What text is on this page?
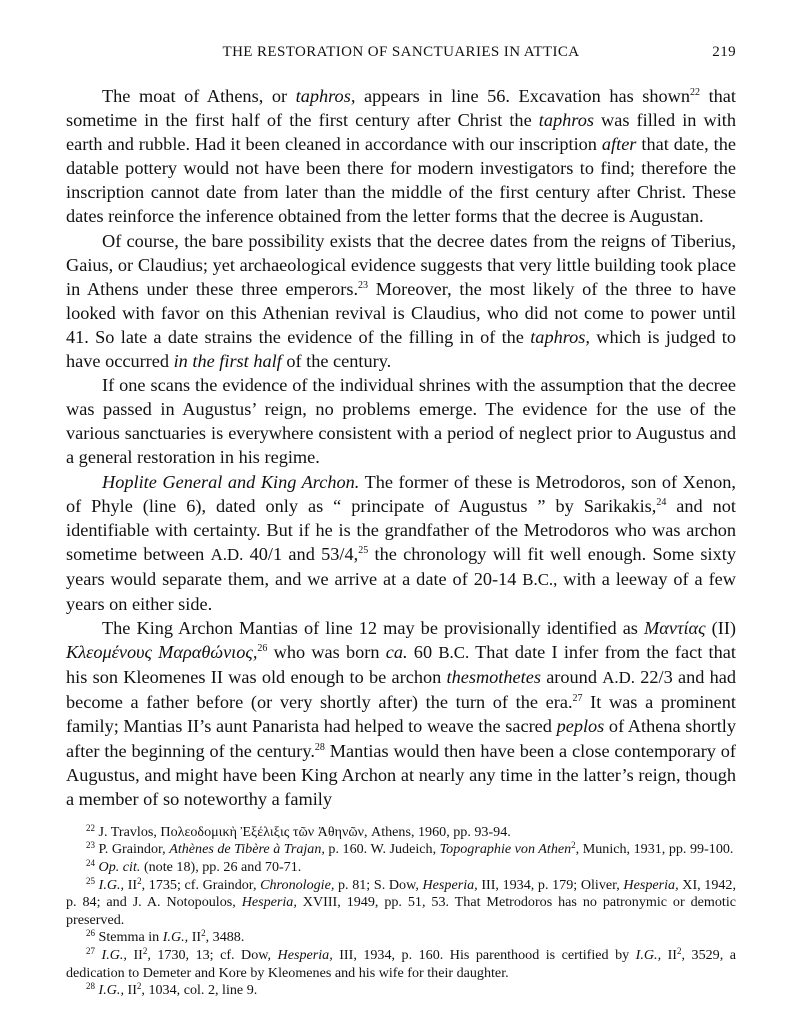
THE RESTORATION OF SANCTUARIES IN ATTICA	219

The moat of Athens, or taphros, appears in line 56. Excavation has shown$^{22}$ that sometime in the first half of the first century after Christ the taphros was filled in with earth and rubble. Had it been cleaned in accordance with our inscription after that date, the datable pottery would not have been there for modern investigators to find; therefore the inscription cannot date from later than the middle of the first century after Christ. These dates reinforce the inference obtained from the letter forms that the decree is Augustan.

Of course, the bare possibility exists that the decree dates from the reigns of Tiberius, Gaius, or Claudius; yet archaeological evidence suggests that very little building took place in Athens under these three emperors.$^{23}$ Moreover, the most likely of the three to have looked with favor on this Athenian revival is Claudius, who did not come to power until 41. So late a date strains the evidence of the filling in of the taphros, which is judged to have occurred in the first half of the century.

If one scans the evidence of the individual shrines with the assumption that the decree was passed in Augustus’ reign, no problems emerge. The evidence for the use of the various sanctuaries is everywhere consistent with a period of neglect prior to Augustus and a general restoration in his regime.

Hoplite General and King Archon. The former of these is Metrodoros, son of Xenon, of Phyle (line 6), dated only as “ principate of Augustus ” by Sarikakis,$^{24}$ and not identifiable with certainty. But if he is the grandfather of the Metrodoros who was archon sometime between A.D. 40/1 and 53/4,25 the chronology will fit well enough. Some sixty years would separate them, and we arrive at a date of 20-14 B.C., with a leeway of a few years on either side.

The King Archon Mantias of line 12 may be provisionally identified as Μαντίας (II) Κλεομένους Μαραθώνιος,$^{26}$ who was born ca. 60 B.C. That date I infer from the fact that his son Kleomenes II was old enough to be archon thesmothetes around A.D. 22/3 and had become a father before (or very shortly after) the turn of the era.$^{27}$ It was a prominent family; Mantias II’s aunt Panarista had helped to weave the sacred peplos of Athena shortly after the beginning of the century.$^{28}$ Mantias would then have been a close contemporary of Augustus, and might have been King Archon at nearly any time in the latter’s reign, though a member of so noteworthy a family

$^{22}$ J. Travlos, Πολεοδομικὴ Ἐξέλιξις τῶν Ἀθηνῶν, Athens, 1960, pp. 93-94.

$^{23}$ P. Graindor, Athènes de Tibère à Trajan, p. 160. W. Judeich, Topographie von Athen$^2$, Munich, 1931, pp. 99-100.

$^{24}$ Op. cit. (note 18), pp. 26 and 70-71.

$^{25}$ I.G., $II^2$, 1735; cf. Graindor, Chronologie, p. 81; S. Dow, Hesperia, III, 1934, p. 179; Oliver, Hesperia, XI, 1942, p. 84; and J. A. Notopoulos, Hesperia, XVIII, 1949, pp. 51, 53. That Metrodoros has no patronymic or demotic preserved.

$^{26}$ Stemma in I.G., $II^2$, 3488.

$^{27}$ I.G., $II^2$, 1730, 13; cf. Dow, Hesperia, III, 1934, p. 160. His parenthood is certified by I.G., $II^2$, 3529, a dedication to Demeter and Kore by Kleomenes and his wife for their daughter.

$^{28}$ I.G., $II^2$, 1034, col. 2, line 9.
